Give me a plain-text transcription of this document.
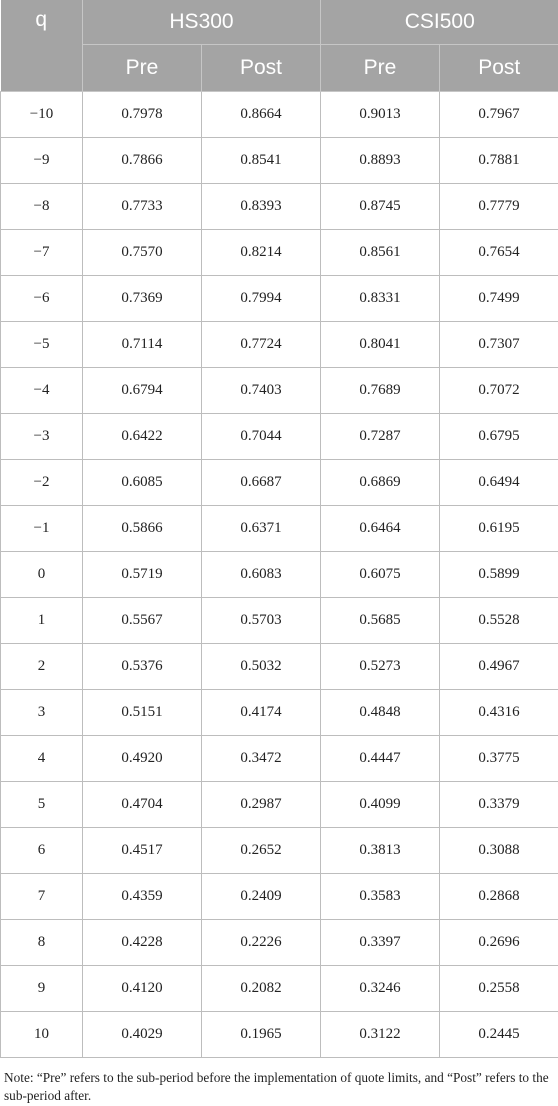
q	HS300		CSI500	
	Pre	Post	Pre	Post
−10	0.7978	0.8664	0.9013	0.7967
−9	0.7866	0.8541	0.8893	0.7881
−8	0.7733	0.8393	0.8745	0.7779
−7	0.7570	0.8214	0.8561	0.7654
−6	0.7369	0.7994	0.8331	0.7499
−5	0.7114	0.7724	0.8041	0.7307
−4	0.6794	0.7403	0.7689	0.7072
−3	0.6422	0.7044	0.7287	0.6795
−2	0.6085	0.6687	0.6869	0.6494
−1	0.5866	0.6371	0.6464	0.6195
0	0.5719	0.6083	0.6075	0.5899
1	0.5567	0.5703	0.5685	0.5528
2	0.5376	0.5032	0.5273	0.4967
3	0.5151	0.4174	0.4848	0.4316
4	0.4920	0.3472	0.4447	0.3775
5	0.4704	0.2987	0.4099	0.3379
6	0.4517	0.2652	0.3813	0.3088
7	0.4359	0.2409	0.3583	0.2868
8	0.4228	0.2226	0.3397	0.2696
9	0.4120	0.2082	0.3246	0.2558
10	0.4029	0.1965	0.3122	0.2445
Note: “Pre” refers to the sub-period before the implementation of quote limits, and “Post” refers to the sub-period after.
